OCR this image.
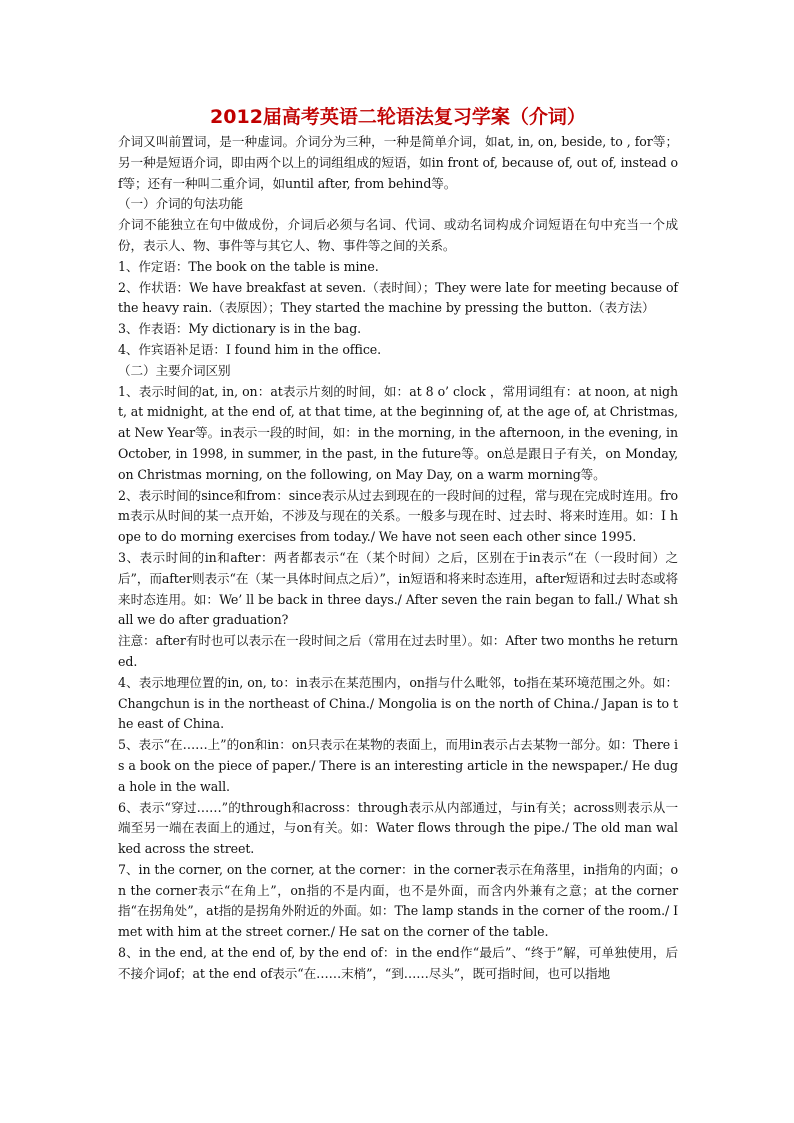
2012届高考英语二轮语法复习学案（介词）

介词又叫前置词，是一种虚词。介词分为三种，一种是简单介词，如at, in, on, beside, to , for等；另一种是短语介词，即由两个以上的词组组成的短语，如in front of, because of, out of, instead of等；还有一种叫二重介词，如until after, from behind等。

（一）介词的句法功能

介词不能独立在句中做成份，介词后必须与名词、代词、或动名词构成介词短语在句中充当一个成份，表示人、物、事件等与其它人、物、事件等之间的关系。

1、作定语：The book on the table is mine.

2、作状语：We have breakfast at seven.（表时间）；They were late for meeting because of the heavy rain.（表原因）；They started the machine by pressing the button.（表方法）

3、作表语：My dictionary is in the bag.

4、作宾语补足语：I found him in the office.

（二）主要介词区别

1、表示时间的at, in, on：at表示片刻的时间，如：at 8 o’ clock ，常用词组有：at noon, at night, at midnight, at the end of, at that time, at the beginning of, at the age of, at Christmas, at New Year等。in表示一段的时间，如：in the morning, in the afternoon, in the evening, in October, in 1998, in summer, in the past, in the future等。on总是跟日子有关，on Monday, on Christmas morning, on the following, on May Day, on a warm morning等。

2、表示时间的since和from：since表示从过去到现在的一段时间的过程，常与现在完成时连用。from表示从时间的某一点开始，不涉及与现在的关系。一般多与现在时、过去时、将来时连用。如：I hope to do morning exercises from today./ We have not seen each other since 1995.

3、表示时间的in和after：两者都表示“在（某个时间）之后，区别在于in表示“在（一段时间）之后”，而after则表示“在（某一具体时间点之后）”，in短语和将来时态连用，after短语和过去时态或将来时态连用。如：We’ ll be back in three days./ After seven the rain began to fall./ What shall we do after graduation?

注意：after有时也可以表示在一段时间之后（常用在过去时里）。如：After two months he returned.

4、表示地理位置的in, on, to：in表示在某范围内，on指与什么毗邻，to指在某环境范围之外。如：Changchun is in the northeast of China./ Mongolia is on the north of China./ Japan is to the east of China.

5、表示“在……上”的on和in：on只表示在某物的表面上，而用in表示占去某物一部分。如：There is a book on the piece of paper./ There is an interesting article in the newspaper./ He dug a hole in the wall.

6、表示“穿过……”的through和across：through表示从内部通过，与in有关；across则表示从一端至另一端在表面上的通过，与on有关。如：Water flows through the pipe./ The old man walked across the street.

7、in the corner, on the corner, at the corner：in the corner表示在角落里，in指角的内面；on the corner表示“在角上”，on指的不是内面，也不是外面，而含内外兼有之意；at the corner指“在拐角处”，at指的是拐角外附近的外面。如：The lamp stands in the corner of the room./ I met with him at the street corner./ He sat on the corner of the table.

8、in the end, at the end of, by the end of：in the end作“最后”、“终于”解，可单独使用，后不接介词of；at the end of表示“在……末梢”，“到……尽头”，既可指时间，也可以指地
